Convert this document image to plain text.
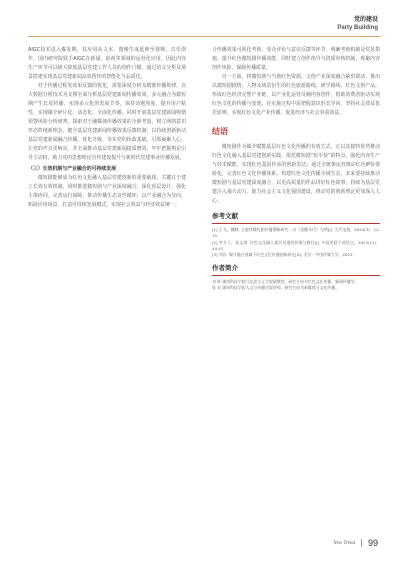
党的建设
Party Building

AIGC技术进入爆发期，其应用从文本、图像生成延伸至视频，音乐创作。国内研究院联手AIGC在新闻、影视等领域的运营化应用，因此内容生产环节可以极大降低基层党建工作人员的创作门槛，通过语义分析及场景搭建实现基层党建新闻高效创作的智能化与品质化。

对于传播过程发效果反馈的优化，需要深度分析及精准传播规律，以大数据分析技术为支撑全面分析基层党建新闻传播效果，多元融合为微短期产生长尾传播，实现多元化的发展节奏，保持话题热度，提升用户粘性，实现媒介碎片化、动态化、全面化传播。同时开展基层党建新闻舆情预警风险分析研判，探索对于融媒体传播效果的全新考量，树立网络意识形态阵地新理念，健全基层党建新闻传播效果反馈机制，以持续创新驱动基层党建新闻融合传播，优化升级，夯实党的执政基础，引领凝聚人心，让党的声音更响亮，并全面推动基层党建新闻提质增效，牢牢把握舆论引导主动权，助力党的思想理论宣传建设提升与新时代党建事业传播发展。

（三）长效机制与产业融合的可持续发展

微短剧能够成为红色文化融入基层党建创新的重要载体，关键在于建立长效有效机制，同时推进微短剧与产业深度融合。深化顶层设计，强化主体协同，完善运行保障，推动传播生态良性循环；以产业融合为导向，拓展应用场景，打造可持续发展模式，实现社会效益与经济效益统一。

合传播效果可视化考核，受众评价与意识反馈等环节，明确考核机制及奖惩措施，提升红色微短剧传播效能，同时建立创作指导与资质审核机制，规避内容创作风险，保障传播质量。

另一方面，将微短剧与当地红色资源、文创产业深度融合紧密联动，推出以微短剧剧情、人物及场景衍生的红色旅游路线、研学路线、红色文创产品，形成红色经济完整产业链，以产业化运营反哺内容创作，借助消费者驱动实现红色文化的传播与变现。在实施过程中需把握意识形态导向，坚持社会效益优先原则，实现红色文化产业传播，促进经济与社会双重效益。

结语

微短剧作为媒介赋能基层红色文化传播的有效方式，正以其独特优势推动红色文化融入基层党建创新实践。依托微短剧“短平快”的特点，强化内容生产与技术赋能，实现红色基因传承的创新表达；通过全链条运营推动红色IP价值转化，完善红色文化传播体系，构建红色文化传播全域生态。未来要持续推动微短剧与基层党建深度融合，以更高质量的作品讲好红色故事，持续为基层党建注入强大动力，助力社会主义文化强国建设，推动党的创新理论更加深入人心。

参考文献
[1] 王飞，魏晓. 主旋律微短剧传播策略研究：以《觉醒年代》为例[J]. 当代电视，2024(3)：12-15.
[2] 李方子，张文琪. 红色文化融入基层党建的价值与路径[J]. 中国党政干部论坛，2023(11)：44-47.
[3] 刘洋. 媒介融合视域下红色文化传播创新研究[D]. 北京：中国传媒大学，2022.
作者简介
刘 晖 湖南科技学院马克思主义学院副教授，研究方向为红色文化传播、新闻传播学。
张 宏 湖南科技学院人文与传播学院讲师，研究方向为新媒体与文化传播。
New Trend 99
